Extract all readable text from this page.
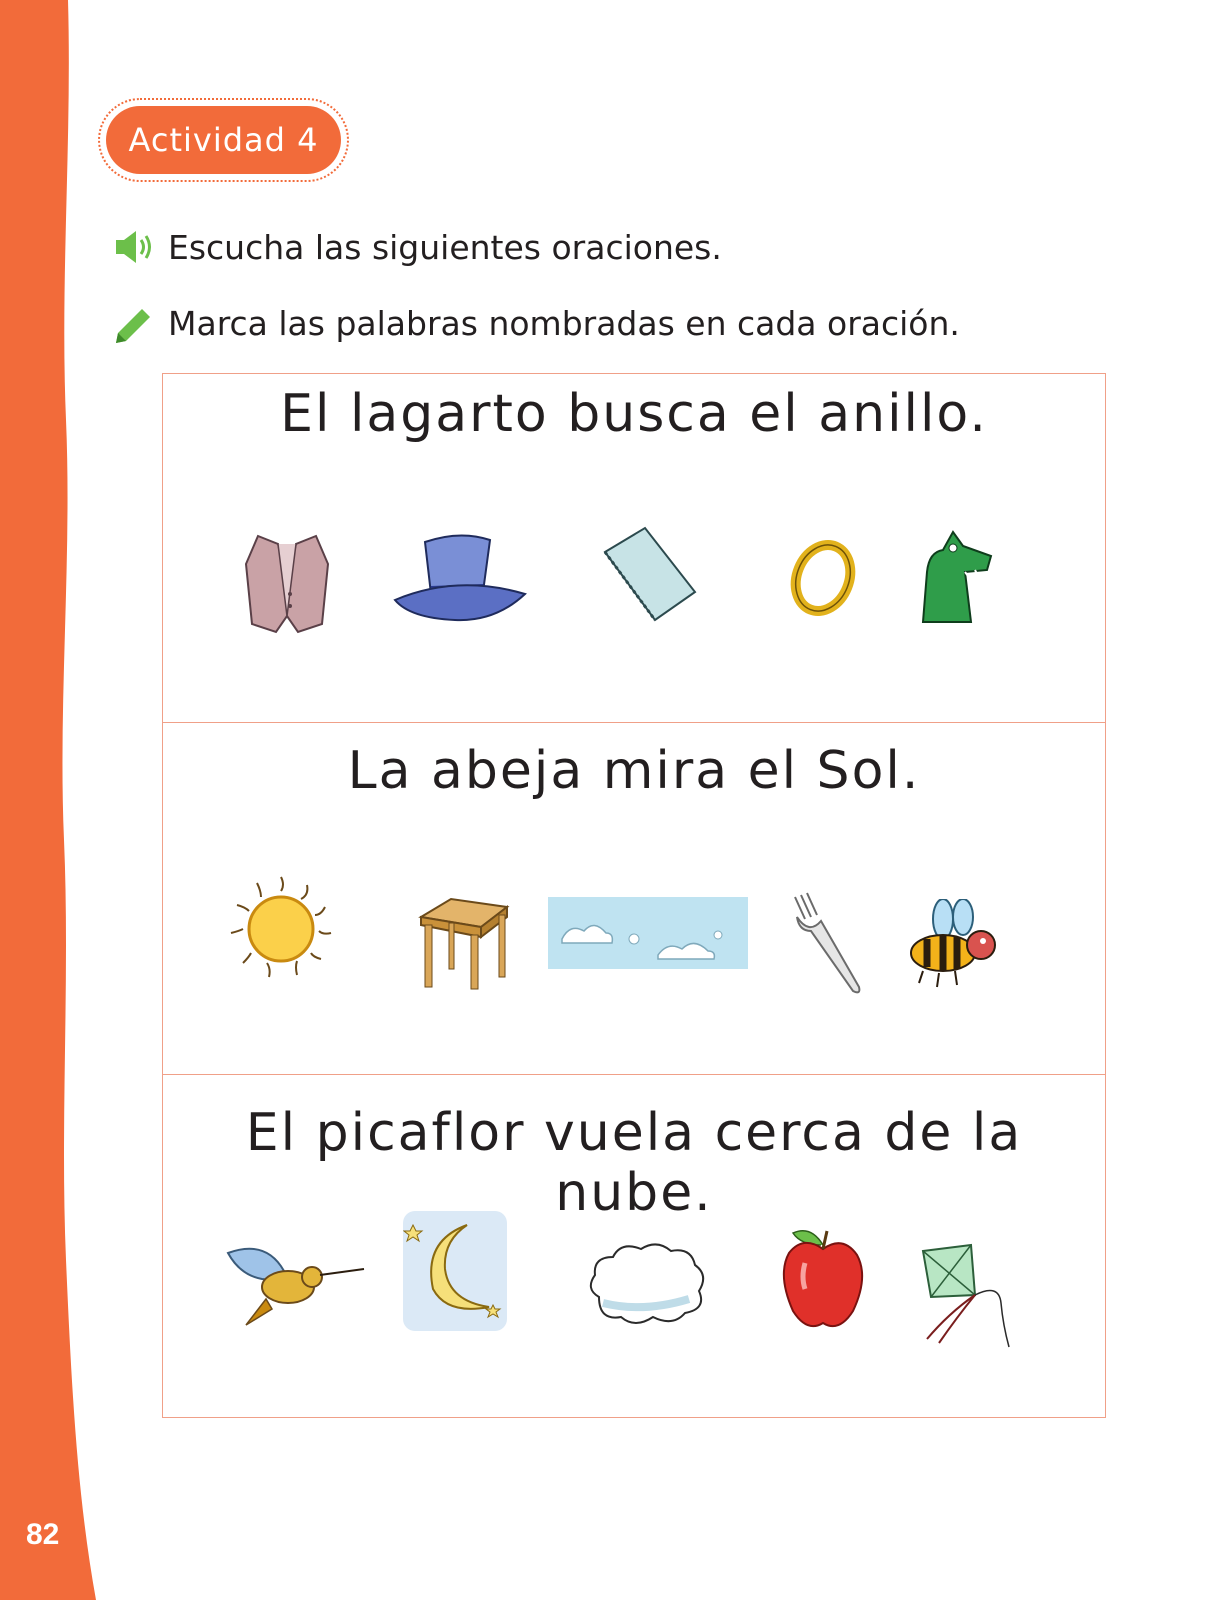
82
Actividad 4
Escucha las siguientes oraciones.
Marca las palabras nombradas en cada oración.
El lagarto busca el anillo.
La abeja mira el Sol.
El picaflor vuela cerca de la nube.
